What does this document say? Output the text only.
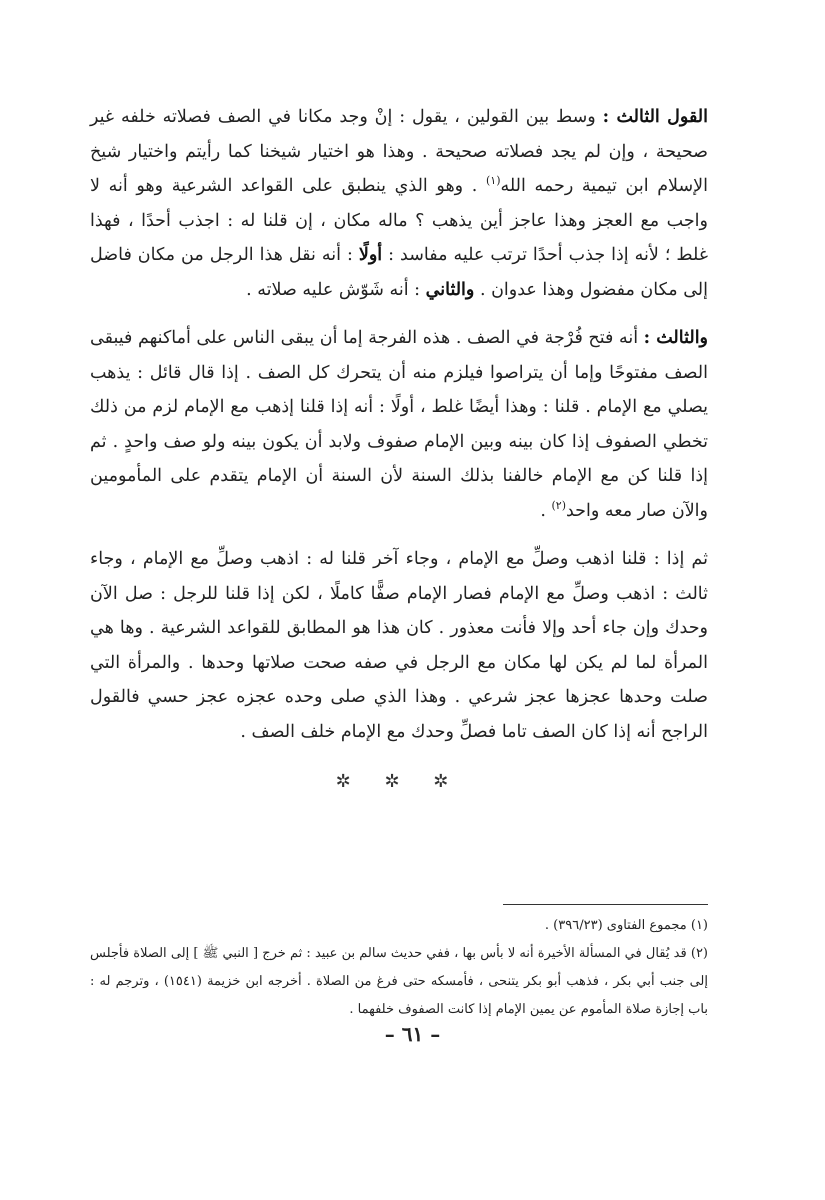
القول الثالث : وسط بين القولين ، يقول : إنْ وجد مكانا في الصف فصلاته خلفه غير صحيحة ، وإن لم يجد فصلاته صحيحة . وهذا هو اختيار شيخنا كما رأيتم واختيار شيخ الإسلام ابن تيمية رحمه الله$^{(١)}$ . وهو الذي ينطبق على القواعد الشرعية وهو أنه لا واجب مع العجز وهذا عاجز أين يذهب ؟ ماله مكان ، إن قلنا له : اجذب أحدًا ، فهذا غلط ؛ لأنه إذا جذب أحدًا ترتب عليه مفاسد : أولًا : أنه نقل هذا الرجل من مكان فاضل إلى مكان مفضول وهذا عدوان . والثاني : أنه شَوّش عليه صلاته .

والثالث : أنه فتح فُرْجة في الصف . هذه الفرجة إما أن يبقى الناس على أماكنهم فيبقى الصف مفتوحًا وإما أن يتراصوا فيلزم منه أن يتحرك كل الصف . إذا قال قائل : يذهب يصلي مع الإمام . قلنا : وهذا أيضًا غلط ، أولًا : أنه إذا قلنا إذهب مع الإمام لزم من ذلك تخطي الصفوف إذا كان بينه وبين الإمام صفوف ولابد أن يكون بينه ولو صف واحدٍ . ثم إذا قلنا كن مع الإمام خالفنا بذلك السنة لأن السنة أن الإمام يتقدم على المأمومين والآن صار معه واحد$^{(٢)}$ .

ثم إذا : قلنا اذهب وصلِّ مع الإمام ، وجاء آخر قلنا له : اذهب وصلِّ مع الإمام ، وجاء ثالث : اذهب وصلِّ مع الإمام فصار الإمام صفًّا كاملًا ، لكن إذا قلنا للرجل : صل الآن وحدك وإن جاء أحد وإلا فأنت معذور . كان هذا هو المطابق للقواعد الشرعية . وها هي المرأة لما لم يكن لها مكان مع الرجل في صفه صحت صلاتها وحدها . والمرأة التي صلت وحدها عجزها عجز شرعي . وهذا الذي صلى وحده عجزه عجز حسي فالقول الراجح أنه إذا كان الصف تاما فصلِّ وحدك مع الإمام خلف الصف .

✲ ✲ ✲

(١) مجموع الفتاوى (٣٩٦/٢٣) .

(٢) قد يُقال في المسألة الأخيرة أنه لا بأس بها ، ففي حديث سالم بن عبيد : ثم خرج [ النبي ﷺ ] إلى الصلاة فأجلس إلى جنب أبي بكر ، فذهب أبو بكر يتنحى ، فأمسكه حتى فرغ من الصلاة . أخرجه ابن خزيمة (١٥٤١) ، وترجم له : باب إجازة صلاة المأموم عن يمين الإمام إذا كانت الصفوف خلفهما .

– ٦١ –
